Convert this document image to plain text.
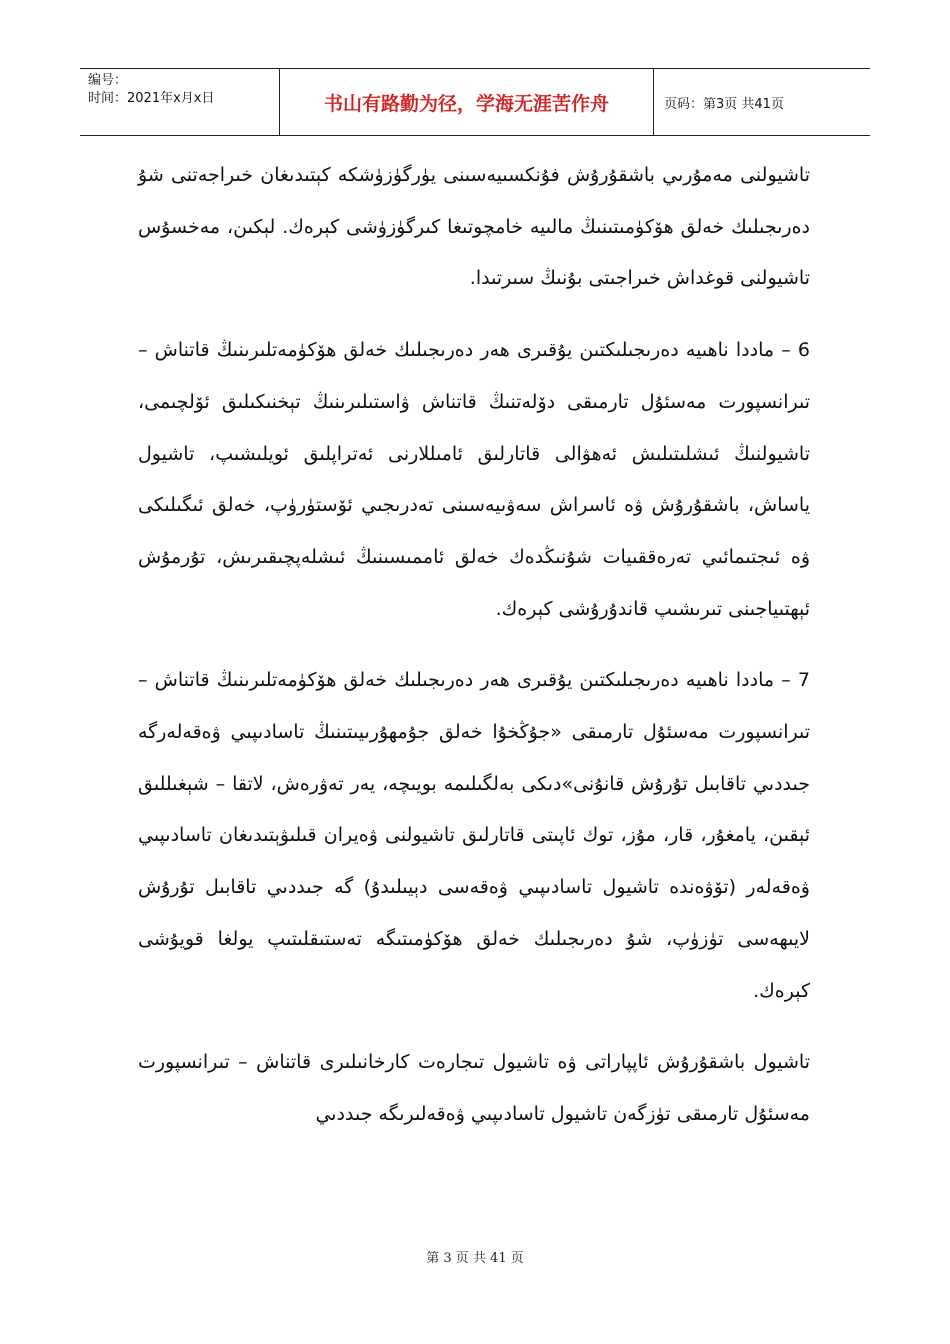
编号：
时间：2021年x月x日	书山有路勤为径，学海无涯苦作舟	页码：第3页 共41页

تاشيولنى مەمۇرىي باشقۇرۇش فۇنكسىيەسىنى يۈرگۈزۈشكە كېتىدىغان خىراجەتنى شۇ دەرىجىلىك خەلق ھۆكۈمىتىنىڭ مالىيە خامچوتىغا كىرگۈزۈشى كېرەك. لېكىن، مەخسۇس تاشيولنى قوغداش خىراجىتى بۇنىڭ سىرتىدا.

6 – ماددا ناھىيە دەرىجىلىكتىن يۇقىرى ھەر دەرىجىلىك خەلق ھۆكۈمەتلىرىنىڭ قاتناش – تىرانسپورت مەسئۇل تارمىقى دۆلەتنىڭ قاتناش ۋاستىلىرىنىڭ تېخنىكىلىق ئۆلچىمى، تاشيولنىڭ ئىشلىتىلىش ئەھۋالى قاتارلىق ئامىللارنى ئەتراپلىق ئويلىشىپ، تاشيول ياساش، باشقۇرۇش ۋە ئاسراش سەۋىيەسىنى تەدرىجىي ئۆستۈرۈپ، خەلق ئىگىلىكى ۋە ئىجتىمائىي تەرەققىيات شۇنىڭدەك خەلق ئاممىسىنىڭ ئىشلەپچىقىرىش، تۇرمۇش ئېھتىياجىنى تىرىشىپ قاندۇرۇشى كېرەك.

7 – ماددا ناھىيە دەرىجىلىكتىن يۇقىرى ھەر دەرىجىلىك خەلق ھۆكۈمەتلىرىنىڭ قاتناش – تىرانسپورت مەسئۇل تارمىقى «جۇڭخۇا خەلق جۇمھۇرىيىتىنىڭ تاسادىپىي ۋەقەلەرگە جىددىي تاقابىل تۇرۇش قانۇنى»دىكى بەلگىلىمە بويىچە، يەر تەۋرەش، لاتقا – شېغىللىق ئېقىن، يامغۇر، قار، مۇز، توك ئاپىتى قاتارلىق تاشيولنى ۋەيران قىلىۋېتىدىغان تاسادىپىي ۋەقەلەر (تۆۋەندە تاشيول تاسادىپىي ۋەقەسى دېيىلىدۇ) گە جىددىي تاقابىل تۇرۇش لايىھەسى تۈزۈپ، شۇ دەرىجىلىك خەلق ھۆكۈمىتىگە تەستىقلىتىپ يولغا قويۇشى كېرەك.

تاشيول باشقۇرۇش ئاپپاراتى ۋە تاشيول تىجارەت كارخانىلىرى قاتناش – تىرانسپورت مەسئۇل تارمىقى تۈزگەن تاشيول تاسادىپىي ۋەقەلىرىگە جىددىي

第 3 页 共 41 页
